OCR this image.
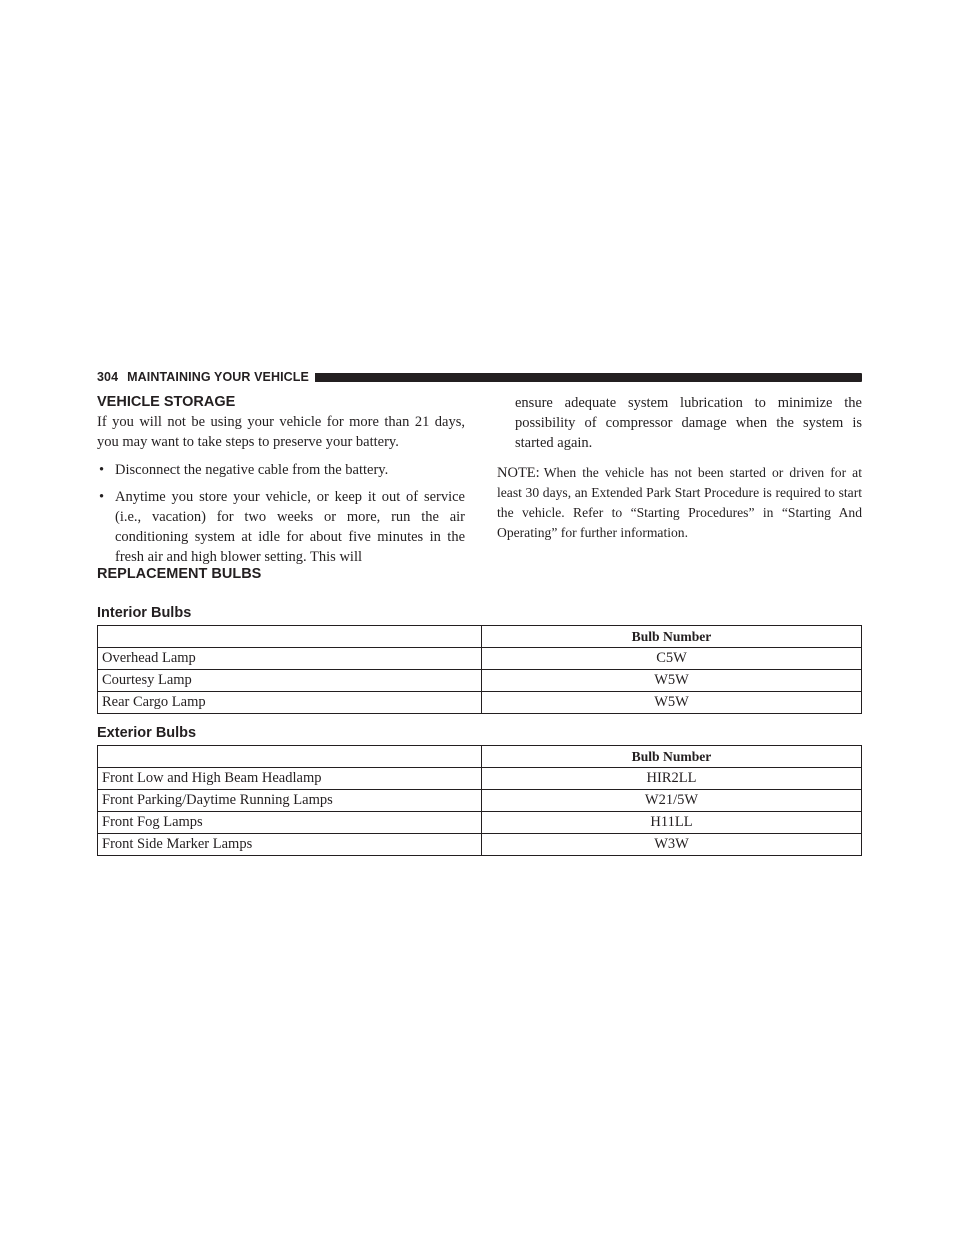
304 MAINTAINING YOUR VEHICLE
VEHICLE STORAGE

If you will not be using your vehicle for more than 21 days, you may want to take steps to preserve your battery.

• Disconnect the negative cable from the battery.
• Anytime you store your vehicle, or keep it out of service (i.e., vacation) for two weeks or more, run the air conditioning system at idle for about five minutes in the fresh air and high blower setting. This will

ensure adequate system lubrication to minimize the possibility of compressor damage when the system is started again.

NOTE: When the vehicle has not been started or driven for at least 30 days, an Extended Park Start Procedure is required to start the vehicle. Refer to “Starting Procedures” in “Starting And Operating” for further information.

REPLACEMENT BULBS
Interior Bulbs
	Bulb Number
Overhead Lamp	C5W
Courtesy Lamp	W5W
Rear Cargo Lamp	W5W
Exterior Bulbs
	Bulb Number
Front Low and High Beam Headlamp	HIR2LL
Front Parking/Daytime Running Lamps	W21/5W
Front Fog Lamps	H11LL
Front Side Marker Lamps	W3W
